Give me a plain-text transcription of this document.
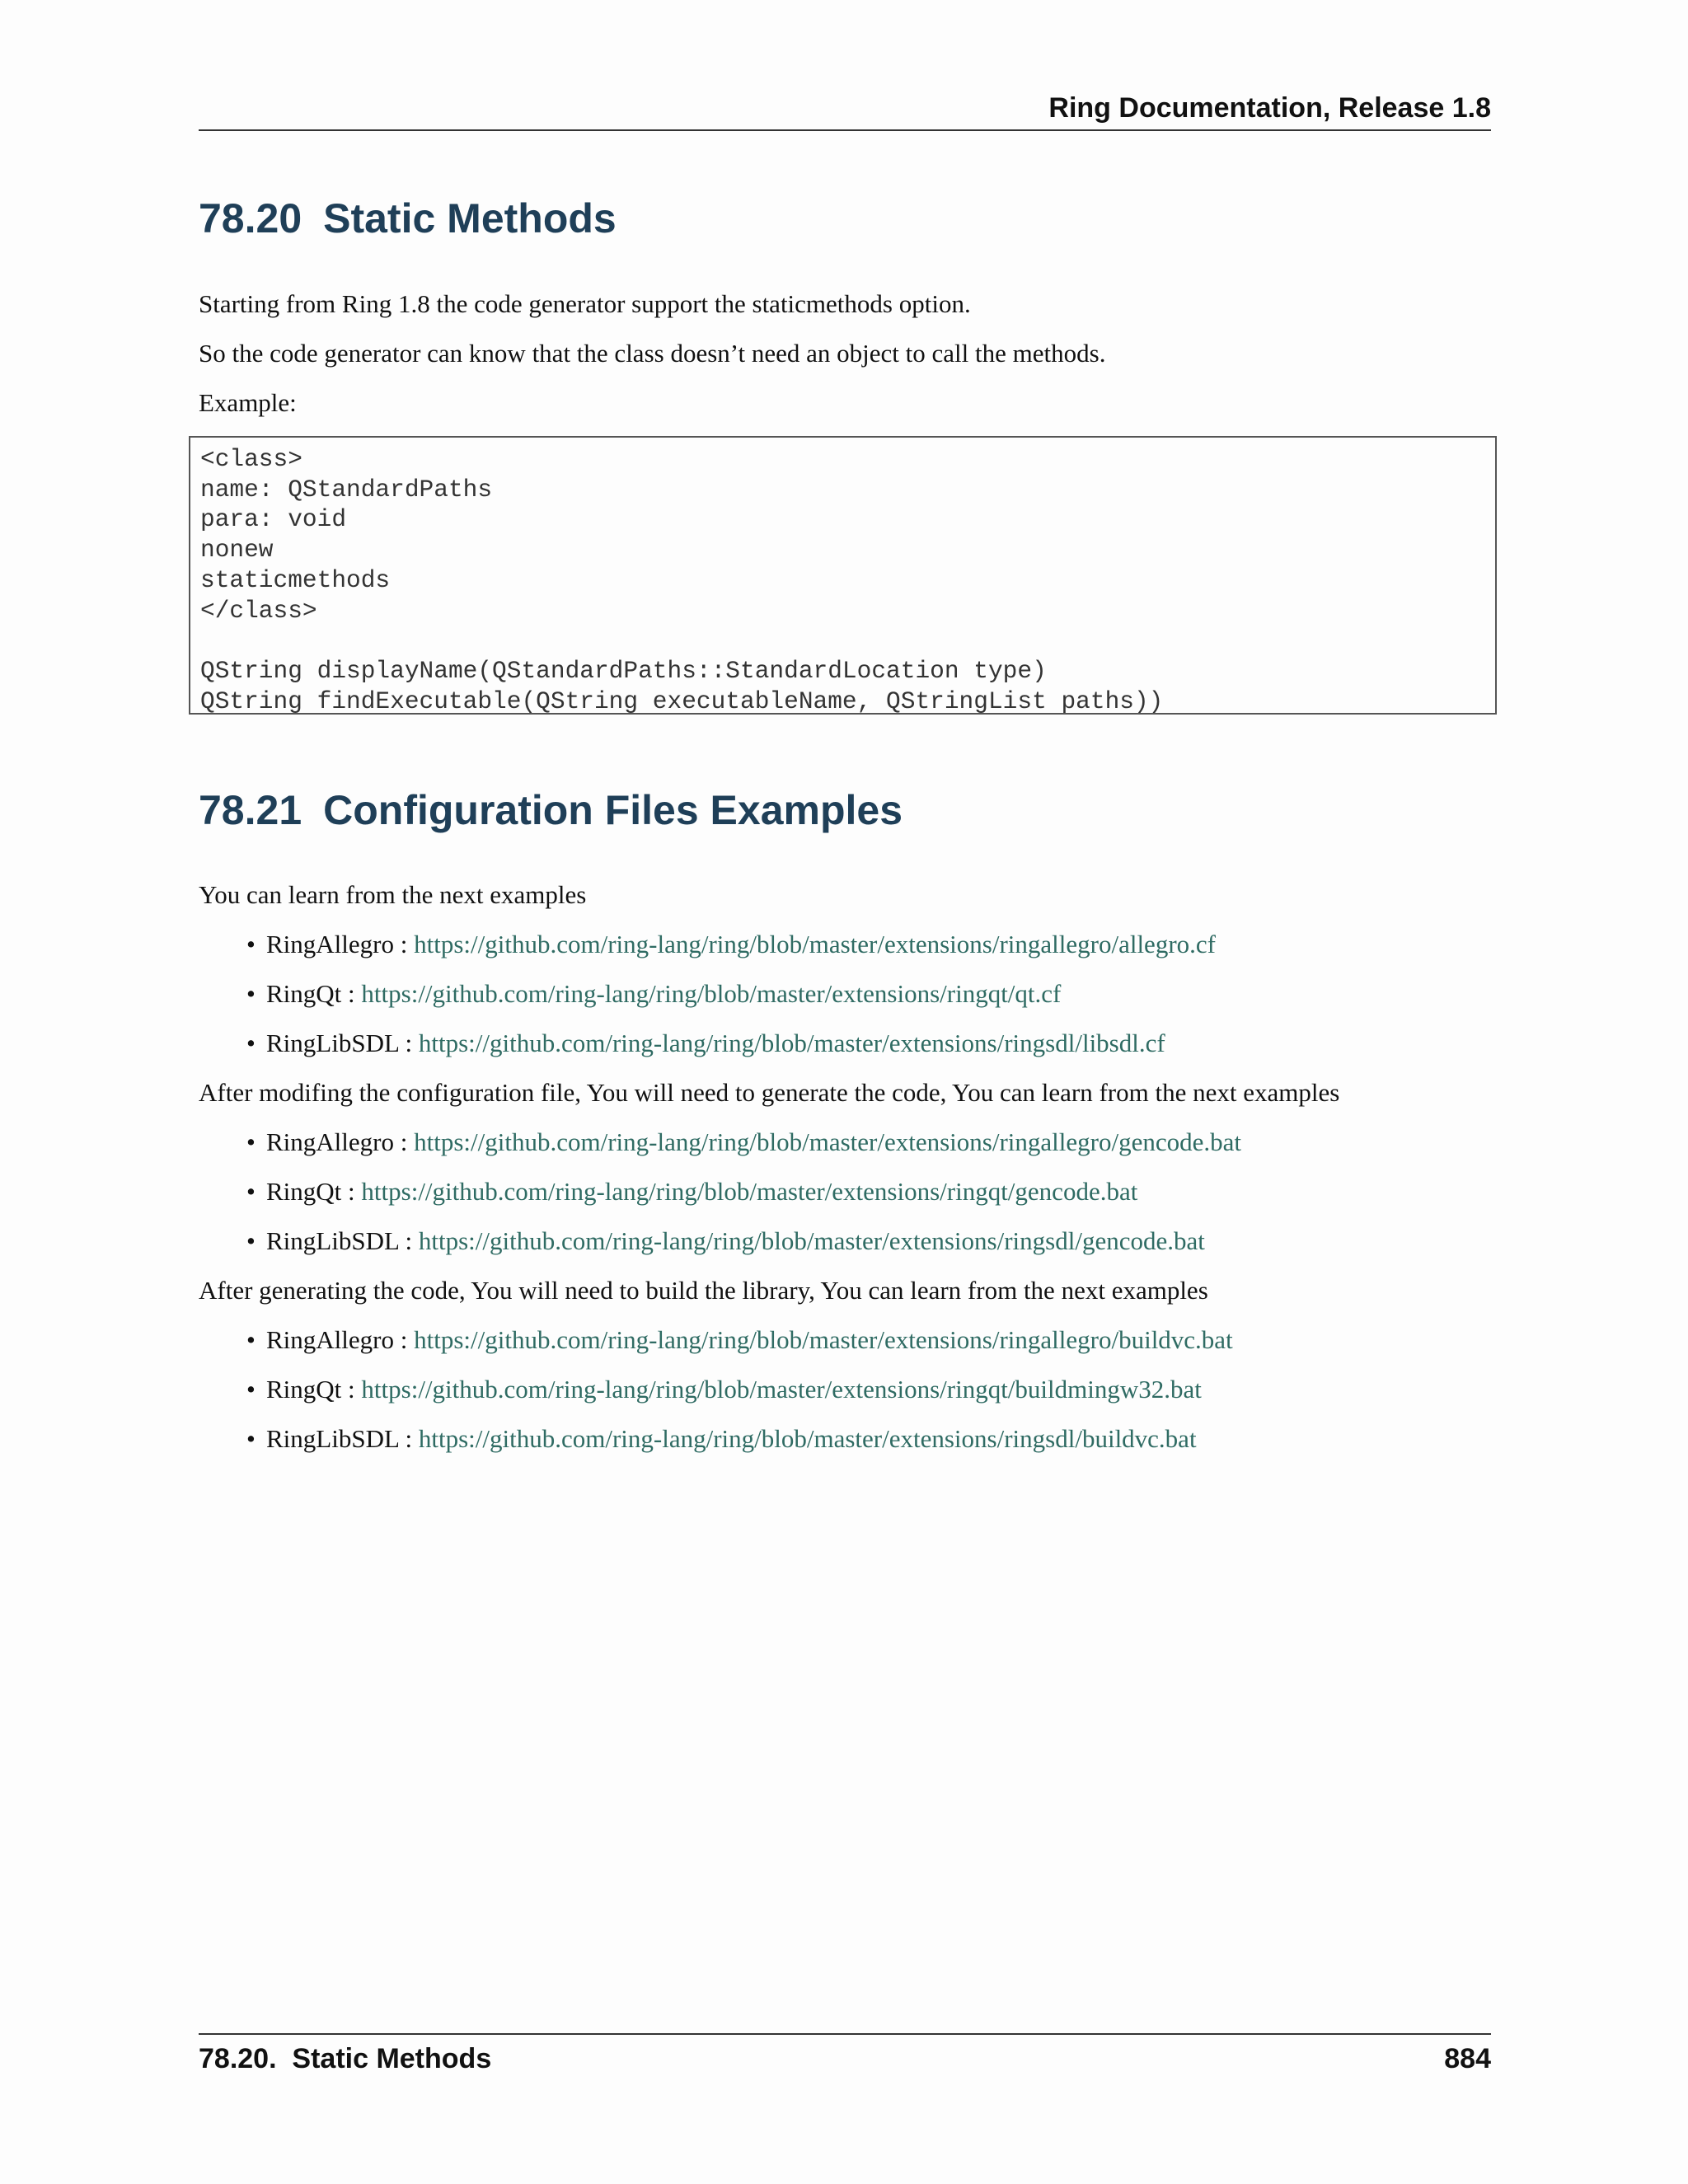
Ring Documentation, Release 1.8
78.20 Static Methods

Starting from Ring 1.8 the code generator support the staticmethods option.

So the code generator can know that the class doesn’t need an object to call the methods.

Example:

<class>
name: QStandardPaths
para: void
nonew
staticmethods
</class>

QString displayName(QStandardPaths::StandardLocation type)
QString findExecutable(QString executableName, QStringList paths))
78.21 Configuration Files Examples

You can learn from the next examples

• RingAllegro : https://github.com/ring-lang/ring/blob/master/extensions/ringallegro/allegro.cf
• RingQt : https://github.com/ring-lang/ring/blob/master/extensions/ringqt/qt.cf
• RingLibSDL : https://github.com/ring-lang/ring/blob/master/extensions/ringsdl/libsdl.cf

After modifing the configuration file, You will need to generate the code, You can learn from the next examples

• RingAllegro : https://github.com/ring-lang/ring/blob/master/extensions/ringallegro/gencode.bat
• RingQt : https://github.com/ring-lang/ring/blob/master/extensions/ringqt/gencode.bat
• RingLibSDL : https://github.com/ring-lang/ring/blob/master/extensions/ringsdl/gencode.bat

After generating the code, You will need to build the library, You can learn from the next examples

• RingAllegro : https://github.com/ring-lang/ring/blob/master/extensions/ringallegro/buildvc.bat
• RingQt : https://github.com/ring-lang/ring/blob/master/extensions/ringqt/buildmingw32.bat
• RingLibSDL : https://github.com/ring-lang/ring/blob/master/extensions/ringsdl/buildvc.bat
78.20.  Static Methods	884
